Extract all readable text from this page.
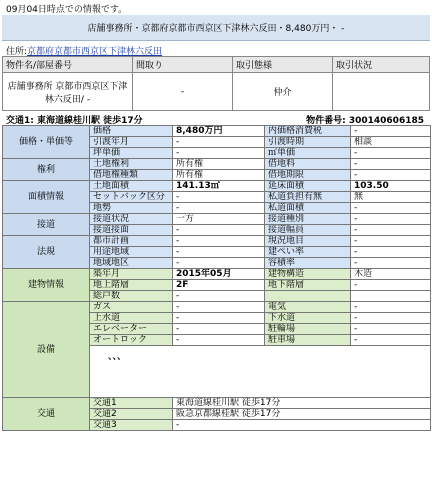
09月04日時点での情報です。
店舗事務所・京都府京都市西京区下津林六反田・8,480万円・ -
住所:京都府京都市西京区下津林六反田
物件名/部屋番号	間取り	取引態様	取引状況
店舗事務所 京都市西京区下津林六反田/ -	-	仲介	
交通1: 東海道線桂川駅 徒歩17分	物件番号: 300140606185
価格・単価等	価格	8,480万円	内価格消費税	-
	引渡年月	-	引渡時期	相談
	坪単価	-	㎡単価	-
権利	土地権利	所有権	借地料	-
	借地権種類	所有権	借地期限	-
面積情報	土地面積	141.13㎡	延床面積	103.50
	セットバック区分	-	私道負担有無	無
	地勢	-	私道面積	-
接道	接道状況	一方	接道種別	-
	接道接面	-	接道幅員	-
法規	都市計画	-	現況地目	-
	用途地域	-	建ぺい率	-
	地域地区	-	容積率	-
建物情報	築年月	2015年05月	建物構造	木造
	地上階層	2F	地下階層	-
	総戸数	-		
設備	ガス	-	電気	-
	上水道	-	下水道	-
	エレベーター	-	駐輪場	-
	オートロック	-	駐車場	-
	、、、			
交通	交通1	東海道線桂川駅 徒歩17分		
	交通2	阪急京都線桂駅 徒歩17分		
	交通3	-		
